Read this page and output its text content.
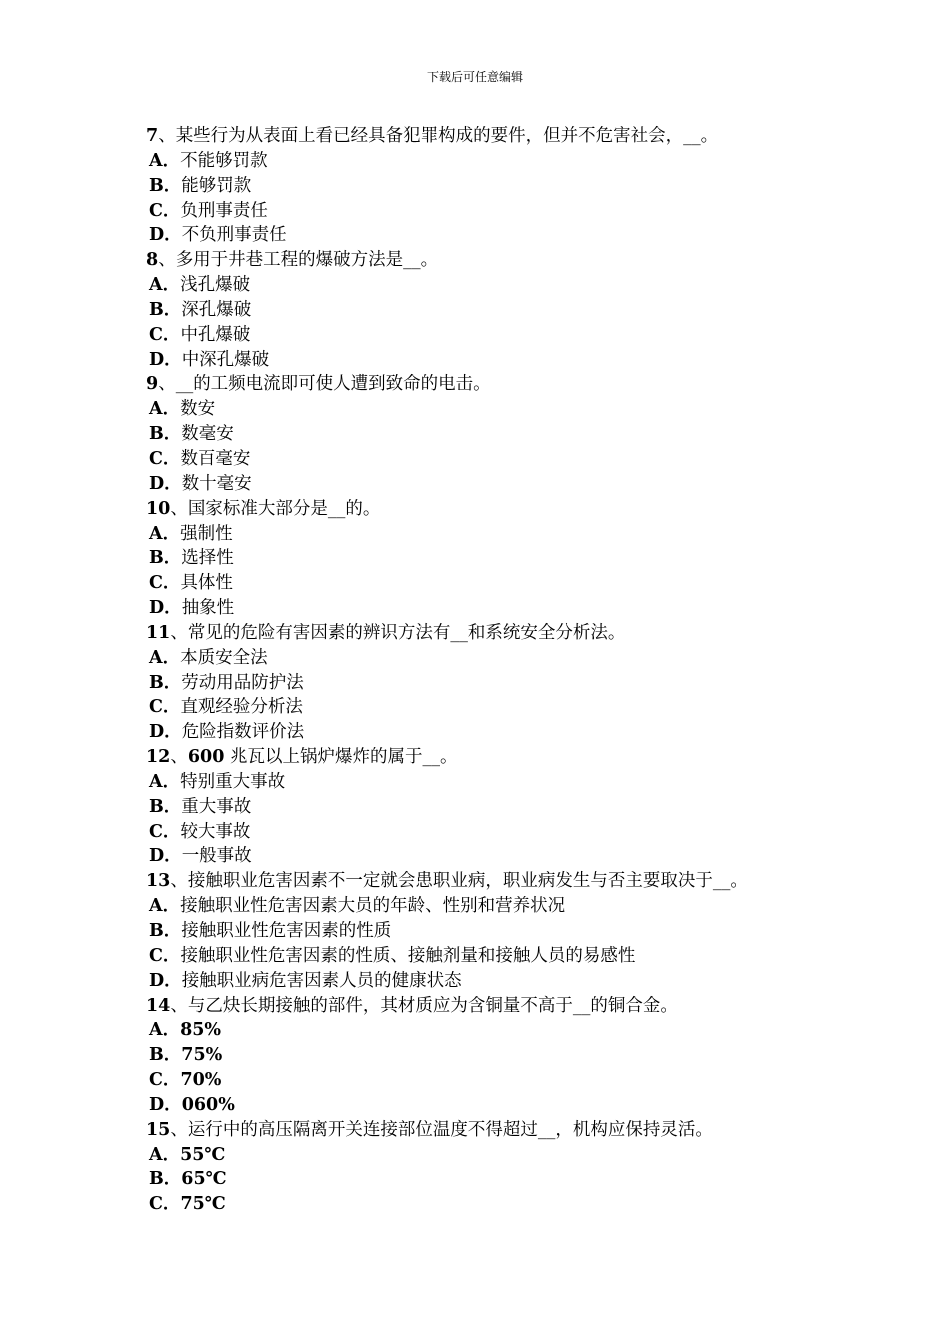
下载后可任意编辑
7、某些行为从表面上看已经具备犯罪构成的要件，但并不危害社会，__。
A．不能够罚款
B．能够罚款
C．负刑事责任
D．不负刑事责任
8、多用于井巷工程的爆破方法是__。
A．浅孔爆破
B．深孔爆破
C．中孔爆破
D．中深孔爆破
9、__的工频电流即可使人遭到致命的电击。
A．数安
B．数毫安
C．数百毫安
D．数十毫安
10、国家标准大部分是__的。
A．强制性
B．选择性
C．具体性
D．抽象性
11、常见的危险有害因素的辨识方法有__和系统安全分析法。
A．本质安全法
B．劳动用品防护法
C．直观经验分析法
D．危险指数评价法
12、600 兆瓦以上锅炉爆炸的属于__。
A．特别重大事故
B．重大事故
C．较大事故
D．一般事故
13、接触职业危害因素不一定就会患职业病，职业病发生与否主要取决于__。
A．接触职业性危害因素大员的年龄、性别和营养状况
B．接触职业性危害因素的性质
C．接触职业性危害因素的性质、接触剂量和接触人员的易感性
D．接触职业病危害因素人员的健康状态
14、与乙炔长期接触的部件，其材质应为含铜量不高于__的铜合金。
A．85%
B．75%
C．70%
D．060%
15、运行中的高压隔离开关连接部位温度不得超过__，机构应保持灵活。
A．55℃
B．65℃
C．75℃
